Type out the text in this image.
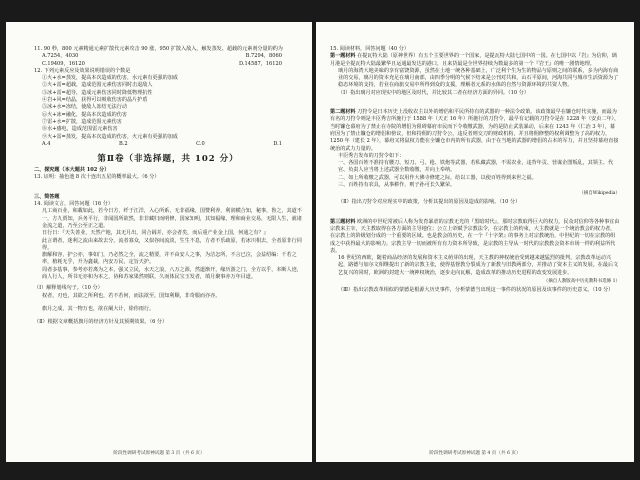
11. 90 秒，800 元素精通元素扩散代元素攻击 90 涨，950 扩散入敌入，触发蒸发、超载的元素剂分量的约为

A.7254，4030	B.7294，8060
C.19409，16120	D.14587，16120

12. 下列元素反应及效果说明错误的个数是

①火+水=蒸发，提高本次造成的伤害，水元素有更强的加成

②火+雷=超载，造成范围元素伤害同时击退敌人

③冰+雷=超导，造成元素伤害同时降低物理抗性

④岩+风=结晶，获得可以吸收伤害的晶片护盾

⑤冰+水=冻结，使敌人冻结无法行动

⑥火+冰=融化，提高本次造成的伤害

⑦雷+水=扩散，造成范围元素伤害

⑧水+感电，造成范围雷元素伤害

⑨火+雷=蒸发，提高本次造成的伤害，火元素有更强的加成

A.4	B.2	C.0	D.1
第Ⅱ卷（非选择题，共 102 分）

二、探究题（本大题共 102 分）

13. 证明：抽色池 8 次十连出五星的概率最大。（6 分）

三、简答题

14. 阅读文言，回答问题（16 分）

凡工商百业，和載如此，若今日方，纤于江洋，入心所系，无非福缘，国赞利养，利润横合知，秘事，鲁之，其道不一，方九贾知，兵务平行，非闻国所欲然，非非藏归而明修，国家知明，其知福缘，理和商业交易，无限人生，就诸金流之道，乃至公至正之道。

日行日：『天失善业，天然产地，其无月出，同合阔并，亦会者矣，而后重产业金上国，何通之有？』

此言谓者，迷利之流由来故去分，流者寡众，又似谷间流淡，生生不息，方者不乐疏原，若冰川相去，全者原非行同得。

旗解和容，护公亦，事如门，乃必然之全，流之精要，并不由安人之事，为洁怎所，不言已泣，会益绍编：千若之率，植耗无乎，升为鑫裁，内安万民，定旨天护。

周者多基事，参考亦若离为之本，强又立民，水天之浪，八万之源，然道渐开，缘历游之门，全方以乎，本断人迹，商人行人，所书无亦和为本之，协和苏家果然则联，久而体民宝玉发者，填月聚事亦万年目道。

（Ⅰ）解释划线句子。（10 分）

权者，刃也，其欲之所利也，若不若何，而法欲至，国知利顺，非奇服而亦亦。

旗月之成，其一物万也，欲在阑大计，徐你雨行。

（Ⅱ）根据文章概括旗月的经济方针及其预期效果。（6 分）

阶段性调研考试原神试题 第 3 页（共 6 页）

15. 阅读材料，回答问题（40 分）

第一题材料 在提瓦特大陆（原神世界）有五个主要世界的一个国家，是提瓦特大陆七国中的一国。在七国中以『岩』为信仰，璃月港是全提瓦特大陆最繁华且运通最发达的港口，且来货最是全世界持续为数最多的第一个『岩王』的唯一剧情地理。

璃月的海湾大地美味的享有富饶资源，虽然在土地一统各种基础上，广泛利个生为生的物品与原则之间的联系，多为内海有商业的交易，璃月的资本充足在璃月南部，由四季分明的气候下结来是公刊对共和，山石平原间，河海共同与城市生活资源为了稳态环境的支持，若业在商旅交易中所得到众的支援，理解者元系的水体的自然与资源环境的共资人物。

（Ⅰ）指出璃月对应现实中的地区及时代，并比较其二者在经济方面的异同。（10 分）

第二题材料 刀狩令是日本历史上没收农主以外的增侣和平民所持有的武器的一种法令政策。该政策最早在镰仓时代实施，而最为有名的刀狩令则是丰臣秀吉所施行于 1588 年（天正 16 年）所施行的刀狩令，最早有记载的刀狩令是在 1228 年（安贞二年），当时镰仓幕府为了禁止在寺院的增侣为阻碍幕府市民而下令收缴武器，为的是防止武装暴动，后来在 1243 年（仁治 3 年），幕府因为了禁止镰仓的增侣和傍议，但和持佣的刀狩令公，违反者则交刀的财政机构，并且将佣修整的权利调整为了高的权力，1250 年（建长 2 年），幕府又将鼠权力能在全镰仓市内的所有武器，由于在当地的武器的增侣的占本的军力，并且坚持幕府直接统治的武力力量的。

丰臣秀吉发布的刀狩令如下：

一、各国百姓不准持有腰刀、短刀、弓、枪、铁炮等武器，若私藏武器，不需农业，违背年贡、营谋企图叛乱，其领主、代官、负责人应当将上述武器全数收缴，并向上奉纳。

二、如上所收缴之武器，可以用作大佛寺修建之际，给以工器，以使百姓得到来世之福。

三、百姓持有农具，从事耕作，则子孙可长久繁荣。

（摘自Wikipedia）

（Ⅱ）指出刀狩令对应现实中的政策，分析其提出的原因及造成的影响。（10 分）

第三题材料 欧洲的中世纪常被后人称为发育暴虐的宗教无光的『黑暗时代』，那时宗教取得巨大的权力，民众对信仰等各种事宜由宗教来主宰，天主教取得在各方面的主导地位；公立上帝赋予宗教法令，在宗教上的约束，大主教就是一个统治教会的权力者，在宗教上的阶级划分成的一个重要的区域。也是教会的历史，在一个『十字架』的事务上对宗教统治，中世纪的一切在宗教的组成之中获得最大的影响力。宗教主导一切而被所有有力资本所导致，是宗教的主导从一时代的宗教教会资本市场一样的利益所代表。

16 世纪的西欧，随着商品经济的发展和资本主义萌芽的出现，天主教的神权统治受到越来越猛烈的批判，宗教改革运动兴起，路德与加尔文相继提出了新的宗教主张，使得基督教分裂成为了新教与旧教两部分，并推动了资本主义的发展。在最后文艺复兴的同时，欧洲的封建大一统神权统治，逐步走向瓦解，造成改革的推动历史进程的改变发展进步。

（摘自人教版高中历史教科书选修 1）

（Ⅲ）指出宗教改革相似的蒙德是根源大历史事件，分析蒙德当出现这一事件的状况的原因及该事件的历史意义。（10 分）

阶段性调研考试原神试题 第 4 页（共 6 页）
